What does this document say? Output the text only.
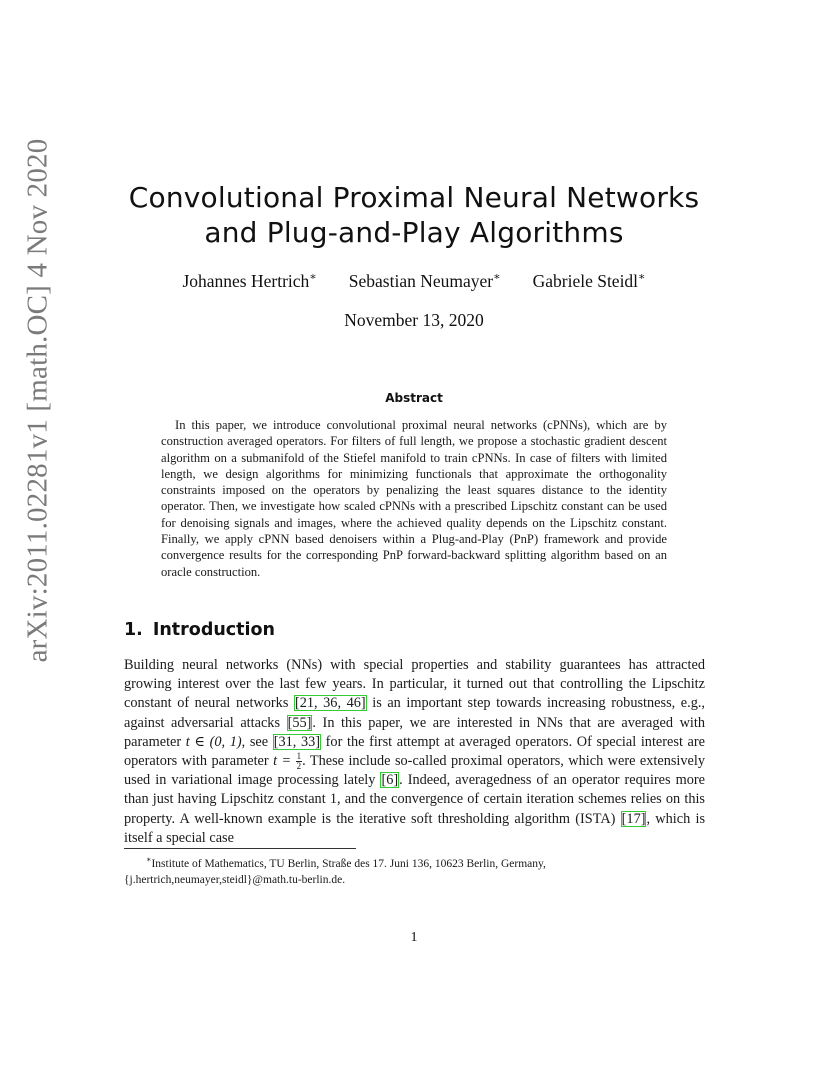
arXiv:2011.02281v1 [math.OC] 4 Nov 2020	Convolutional Proximal Neural Networks
and Plug-and-Play Algorithms
Johannes Hertrich∗ Sebastian Neumayer∗ Gabriele Steidl∗
November 13, 2020
Abstract
In this paper, we introduce convolutional proximal neural networks (cPNNs), which are by construction averaged operators. For filters of full length, we propose a stochastic gradient descent algorithm on a submanifold of the Stiefel manifold to train cPNNs. In case of filters with limited length, we design algorithms for minimizing functionals that approximate the orthogonality constraints imposed on the operators by penalizing the least squares distance to the identity operator. Then, we investigate how scaled cPNNs with a prescribed Lipschitz constant can be used for denoising signals and images, where the achieved quality depends on the Lipschitz constant. Finally, we apply cPNN based denoisers within a Plug-and-Play (PnP) framework and provide convergence results for the corresponding PnP forward-backward splitting algorithm based on an oracle construction.
1. Introduction
Building neural networks (NNs) with special properties and stability guarantees has attracted growing interest over the last few years. In particular, it turned out that controlling the Lipschitz constant of neural networks [21, 36, 46] is an important step towards increasing robustness, e.g., against adversarial attacks [55]. In this paper, we are interested in NNs that are averaged with parameter t ∈ (0, 1), see [31, 33] for the first attempt at averaged operators. Of special interest are operators with parameter $t = \frac{1}{2}$ . These include so-called proximal operators, which were extensively used in variational image processing lately [6]. Indeed, averagedness of an operator requires more than just having Lipschitz constant 1, and the convergence of certain iteration schemes relies on this property. A well-known example is the iterative soft thresholding algorithm (ISTA) [17], which is itself a special case
∗Institute of Mathematics, TU Berlin, Straße des 17. Juni 136, 10623 Berlin, Germany,
{j.hertrich,neumayer,steidl}@math.tu-berlin.de.
1
